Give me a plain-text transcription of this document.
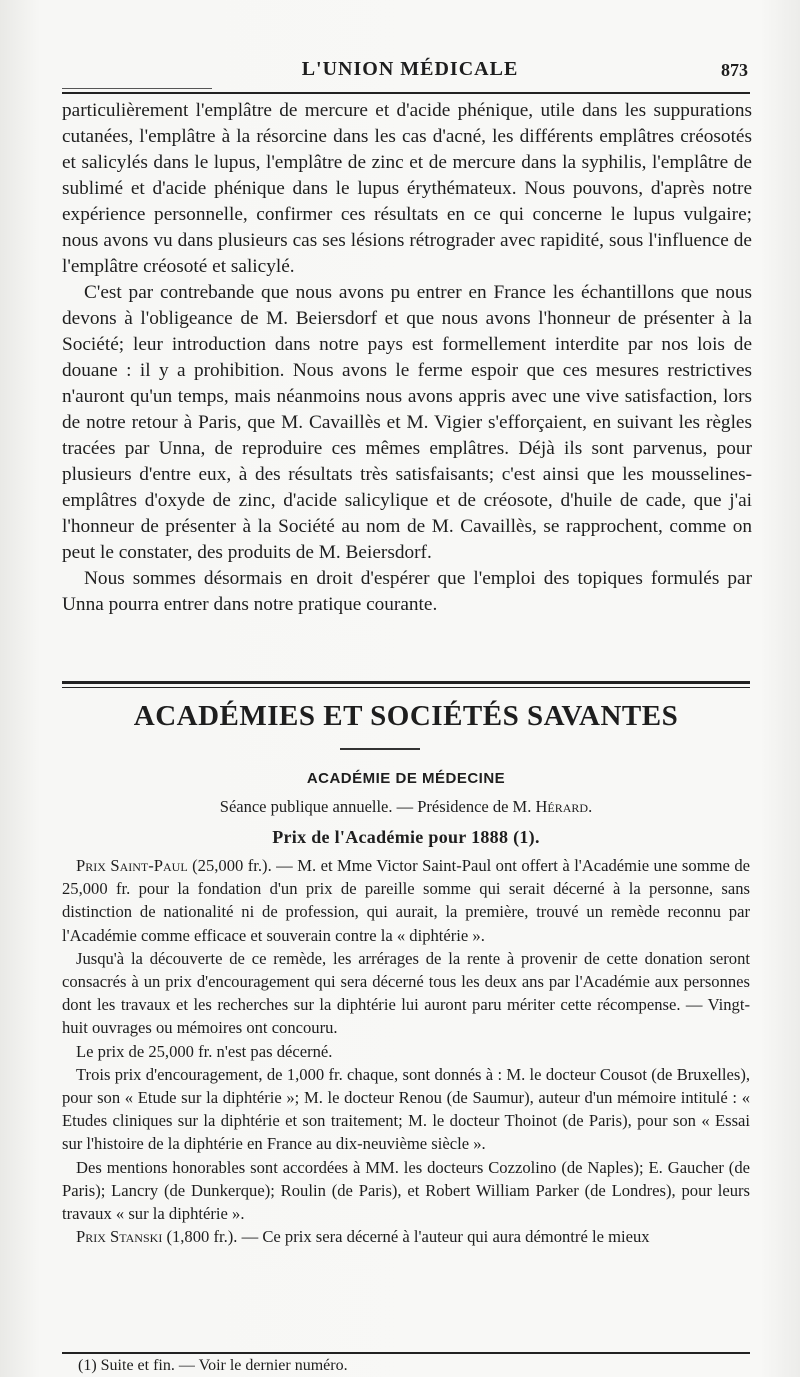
L'UNION MÉDICALE	873

particulièrement l'emplâtre de mercure et d'acide phénique, utile dans les suppurations cutanées, l'emplâtre à la résorcine dans les cas d'acné, les différents emplâtres créosotés et salicylés dans le lupus, l'emplâtre de zinc et de mercure dans la syphilis, l'emplâtre de sublimé et d'acide phénique dans le lupus érythémateux. Nous pouvons, d'après notre expérience personnelle, confirmer ces résultats en ce qui concerne le lupus vulgaire; nous avons vu dans plusieurs cas ses lésions rétrograder avec rapidité, sous l'influence de l'emplâtre créosoté et salicylé.

C'est par contrebande que nous avons pu entrer en France les échantillons que nous devons à l'obligeance de M. Beiersdorf et que nous avons l'honneur de présenter à la Société; leur introduction dans notre pays est formellement interdite par nos lois de douane : il y a prohibition. Nous avons le ferme espoir que ces mesures restrictives n'auront qu'un temps, mais néanmoins nous avons appris avec une vive satisfaction, lors de notre retour à Paris, que M. Cavaillès et M. Vigier s'efforçaient, en suivant les règles tracées par Unna, de reproduire ces mêmes emplâtres. Déjà ils sont parvenus, pour plusieurs d'entre eux, à des résultats très satisfaisants; c'est ainsi que les mousselines-emplâtres d'oxyde de zinc, d'acide salicylique et de créosote, d'huile de cade, que j'ai l'honneur de présenter à la Société au nom de M. Cavaillès, se rapprochent, comme on peut le constater, des produits de M. Beiersdorf.

Nous sommes désormais en droit d'espérer que l'emploi des topiques formulés par Unna pourra entrer dans notre pratique courante.

ACADÉMIES ET SOCIÉTÉS SAVANTES
ACADÉMIE DE MÉDECINE
Séance publique annuelle. — Présidence de M. Hérard.
Prix de l'Académie pour 1888 (1).

Prix Saint-Paul (25,000 fr.). — M. et Mme Victor Saint-Paul ont offert à l'Académie une somme de 25,000 fr. pour la fondation d'un prix de pareille somme qui serait décerné à la personne, sans distinction de nationalité ni de profession, qui aurait, la première, trouvé un remède reconnu par l'Académie comme efficace et souverain contre la « diphtérie ».

Jusqu'à la découverte de ce remède, les arrérages de la rente à provenir de cette donation seront consacrés à un prix d'encouragement qui sera décerné tous les deux ans par l'Académie aux personnes dont les travaux et les recherches sur la diphtérie lui auront paru mériter cette récompense. — Vingt-huit ouvrages ou mémoires ont concouru.

Le prix de 25,000 fr. n'est pas décerné.

Trois prix d'encouragement, de 1,000 fr. chaque, sont donnés à : M. le docteur Cousot (de Bruxelles), pour son « Etude sur la diphtérie »; M. le docteur Renou (de Saumur), auteur d'un mémoire intitulé : « Etudes cliniques sur la diphtérie et son traitement; M. le docteur Thoinot (de Paris), pour son « Essai sur l'histoire de la diphtérie en France au dix-neuvième siècle ».

Des mentions honorables sont accordées à MM. les docteurs Cozzolino (de Naples); E. Gaucher (de Paris); Lancry (de Dunkerque); Roulin (de Paris), et Robert William Parker (de Londres), pour leurs travaux « sur la diphtérie ».

Prix Stanski (1,800 fr.). — Ce prix sera décerné à l'auteur qui aura démontré le mieux

(1) Suite et fin. — Voir le dernier numéro.
